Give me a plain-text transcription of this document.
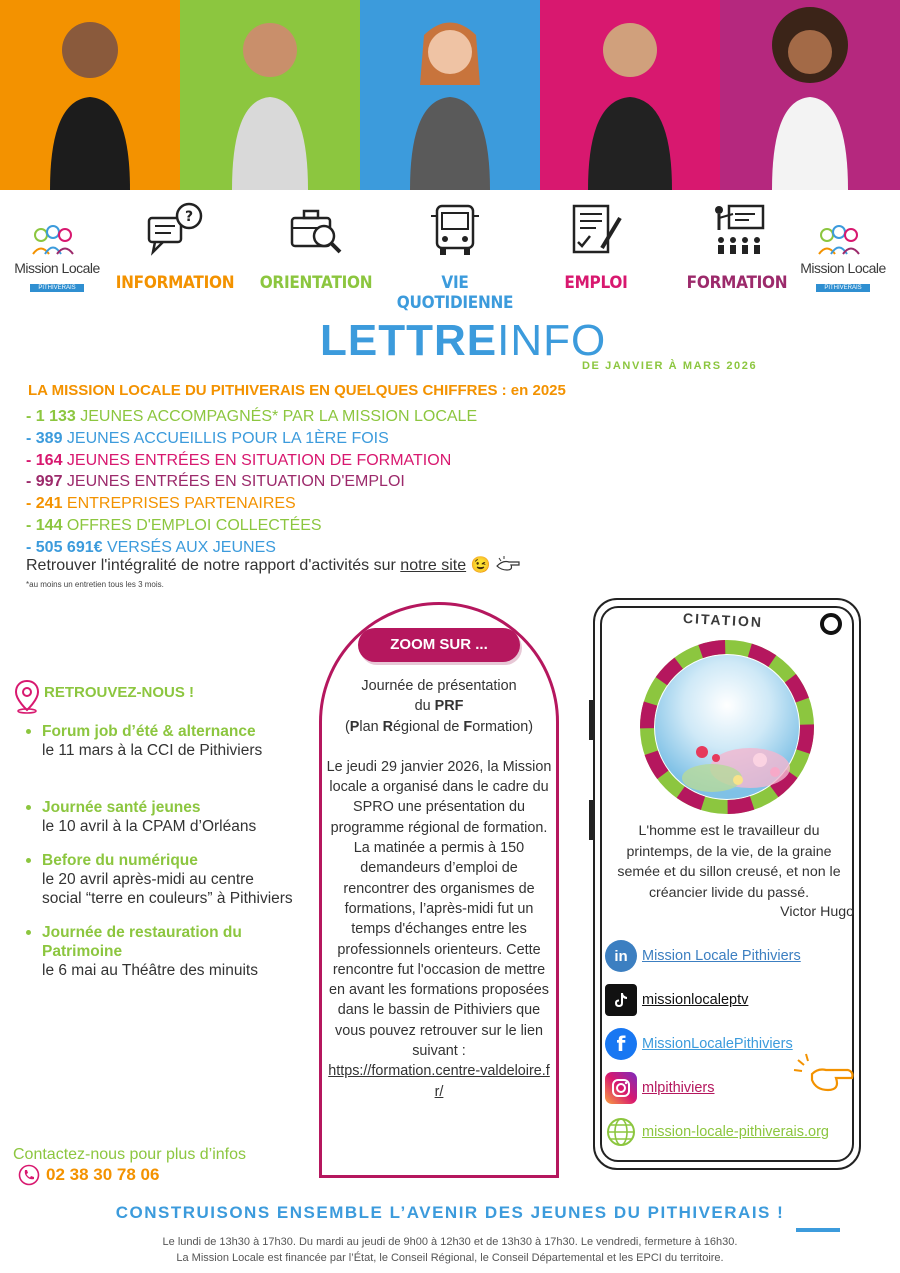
Mission Locale
PITHIVERAIS
?
INFORMATION	ORIENTATION	VIE QUOTIDIENNE
EMPLOI	FORMATION
Mission Locale
PITHIVERAIS
LETTREINFO
DE JANVIER À MARS 2026
LA MISSION LOCALE DU PITHIVERAIS EN QUELQUES CHIFFRES : en 2025
- 1 133 JEUNES ACCOMPAGNÉS* PAR LA MISSION LOCALE
- 389 JEUNES ACCUEILLIS POUR LA 1ÈRE FOIS
- 164 JEUNES ENTRÉES EN SITUATION DE FORMATION
- 997 JEUNES ENTRÉES EN SITUATION D'EMPLOI
- 241 ENTREPRISES PARTENAIRES
- 144 OFFRES D'EMPLOI COLLECTÉES
- 505 691€ VERSÉS AUX JEUNES
Retrouver l'intégralité de notre rapport d'activités sur notre site 😉
*au moins un entretien tous les 3 mois.
RETROUVEZ-NOUS !
Forum job d’été & alternance
le 11 mars à la CCI de Pithiviers
Journée santé jeunes
le 10 avril à la CPAM d’Orléans
Before du numérique
le 20 avril après-midi au centre social “terre en couleurs” à Pithiviers
Journée de restauration du Patrimoine
le 6 mai au Théâtre des minuits
Contactez-nous pour plus d’infos
02 38 30 78 06
ZOOM SUR ...
Journée de présentation
du PRF
(Plan Régional de Formation)
Le jeudi 29 janvier 2026, la Mission locale a organisé dans le cadre du SPRO une présentation du programme régional de formation. La matinée a permis à 150 demandeurs d’emploi de rencontrer des organismes de formations, l’après-midi fut un temps d'échanges entre les professionnels orienteurs. Cette rencontre fut l'occasion de mettre en avant les formations proposées dans le bassin de Pithiviers que vous pouvez retrouver sur le lien suivant :
https://formation.centre-valdeloire.fr/
CITATION
L'homme est le travailleur du printemps, de la vie, de la graine semée et du sillon creusé, et non le créancier livide du passé.
Victor Hugo
in Mission Locale Pithiviers
missionlocaleptv
f	MissionLocalePithiviers
mlpithiviers
mission-locale-pithiverais.org
CONSTRUISONS ENSEMBLE L’AVENIR DES JEUNES DU PITHIVERAIS !
Le lundi de 13h30 à 17h30. Du mardi au jeudi de 9h00 à 12h30 et de 13h30 à 17h30. Le vendredi, fermeture à 16h30.
La Mission Locale est financée par l’État, le Conseil Régional, le Conseil Départemental et les EPCI du territoire.
